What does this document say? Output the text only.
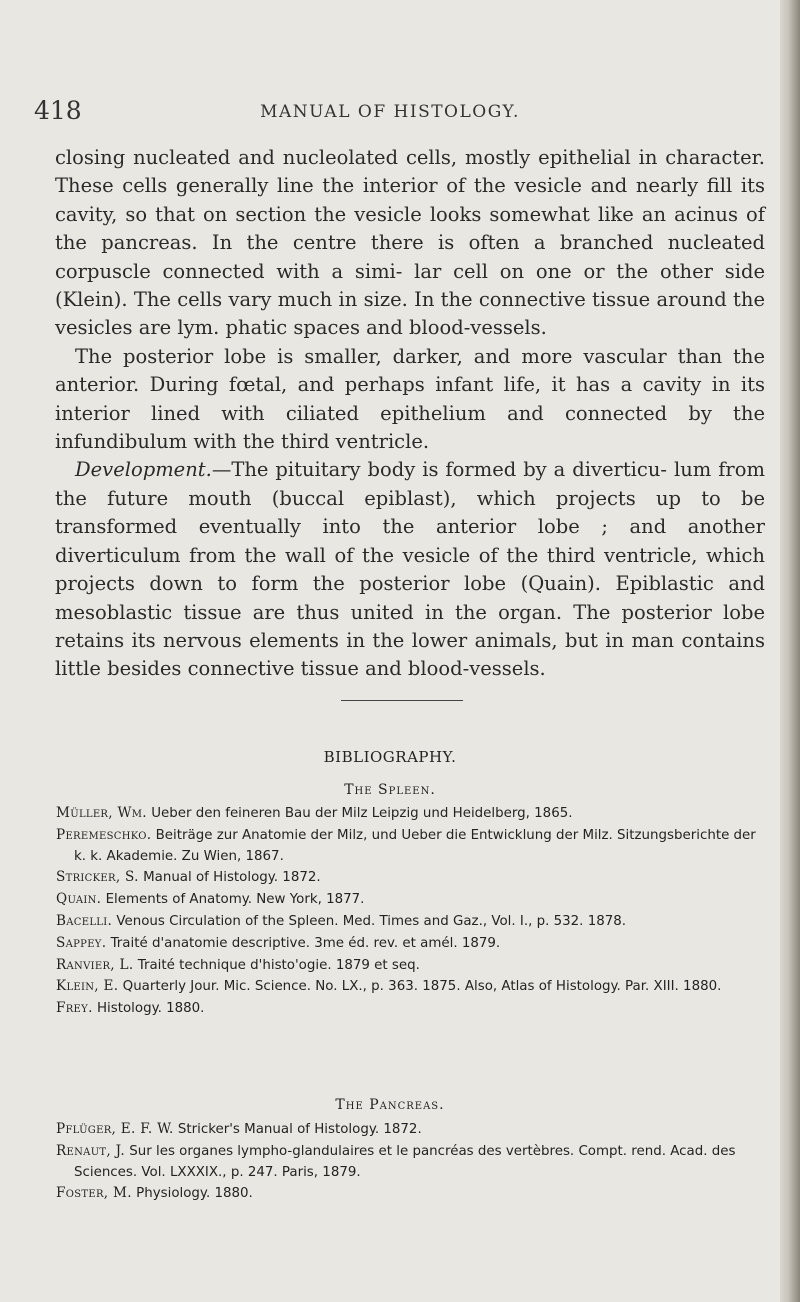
418	MANUAL OF HISTOLOGY.

closing nucleated and nucleolated cells, mostly epithelial in character. These cells generally line the interior of the vesicle and nearly fill its cavity, so that on section the vesicle looks somewhat like an acinus of the pancreas. In the centre there is often a branched nucleated corpuscle connected with a simi- lar cell on one or the other side (Klein). The cells vary much in size. In the connective tissue around the vesicles are lym. phatic spaces and blood-vessels.

The posterior lobe is smaller, darker, and more vascular than the anterior. During fœtal, and perhaps infant life, it has a cavity in its interior lined with ciliated epithelium and connected by the infundibulum with the third ventricle.

Development.—The pituitary body is formed by a diverticu- lum from the future mouth (buccal epiblast), which projects up to be transformed eventually into the anterior lobe ; and another diverticulum from the wall of the vesicle of the third ventricle, which projects down to form the posterior lobe (Quain). Epiblastic and mesoblastic tissue are thus united in the organ. The posterior lobe retains its nervous elements in the lower animals, but in man contains little besides connective tissue and blood-vessels.

BIBLIOGRAPHY.
The Spleen.
Müller, Wm. Ueber den feineren Bau der Milz Leipzig und Heidelberg, 1865.
Peremeschko. Beiträge zur Anatomie der Milz, und Ueber die Entwicklung der Milz. Sitzungsberichte der k. k. Akademie. Zu Wien, 1867.
Stricker, S. Manual of Histology. 1872.
Quain. Elements of Anatomy. New York, 1877.
Bacelli. Venous Circulation of the Spleen. Med. Times and Gaz., Vol. I., p. 532. 1878.
Sappey. Traité d'anatomie descriptive. 3me éd. rev. et amél. 1879.
Ranvier, L. Traité technique d'histo'ogie. 1879 et seq.
Klein, E. Quarterly Jour. Mic. Science. No. LX., p. 363. 1875. Also, Atlas of Histology. Par. XIII. 1880.
Frey. Histology. 1880.
The Pancreas.
Pflüger, E. F. W. Stricker's Manual of Histology. 1872.
Renaut, J. Sur les organes lympho-glandulaires et le pancréas des vertèbres. Compt. rend. Acad. des Sciences. Vol. LXXXIX., p. 247. Paris, 1879.
Foster, M. Physiology. 1880.
